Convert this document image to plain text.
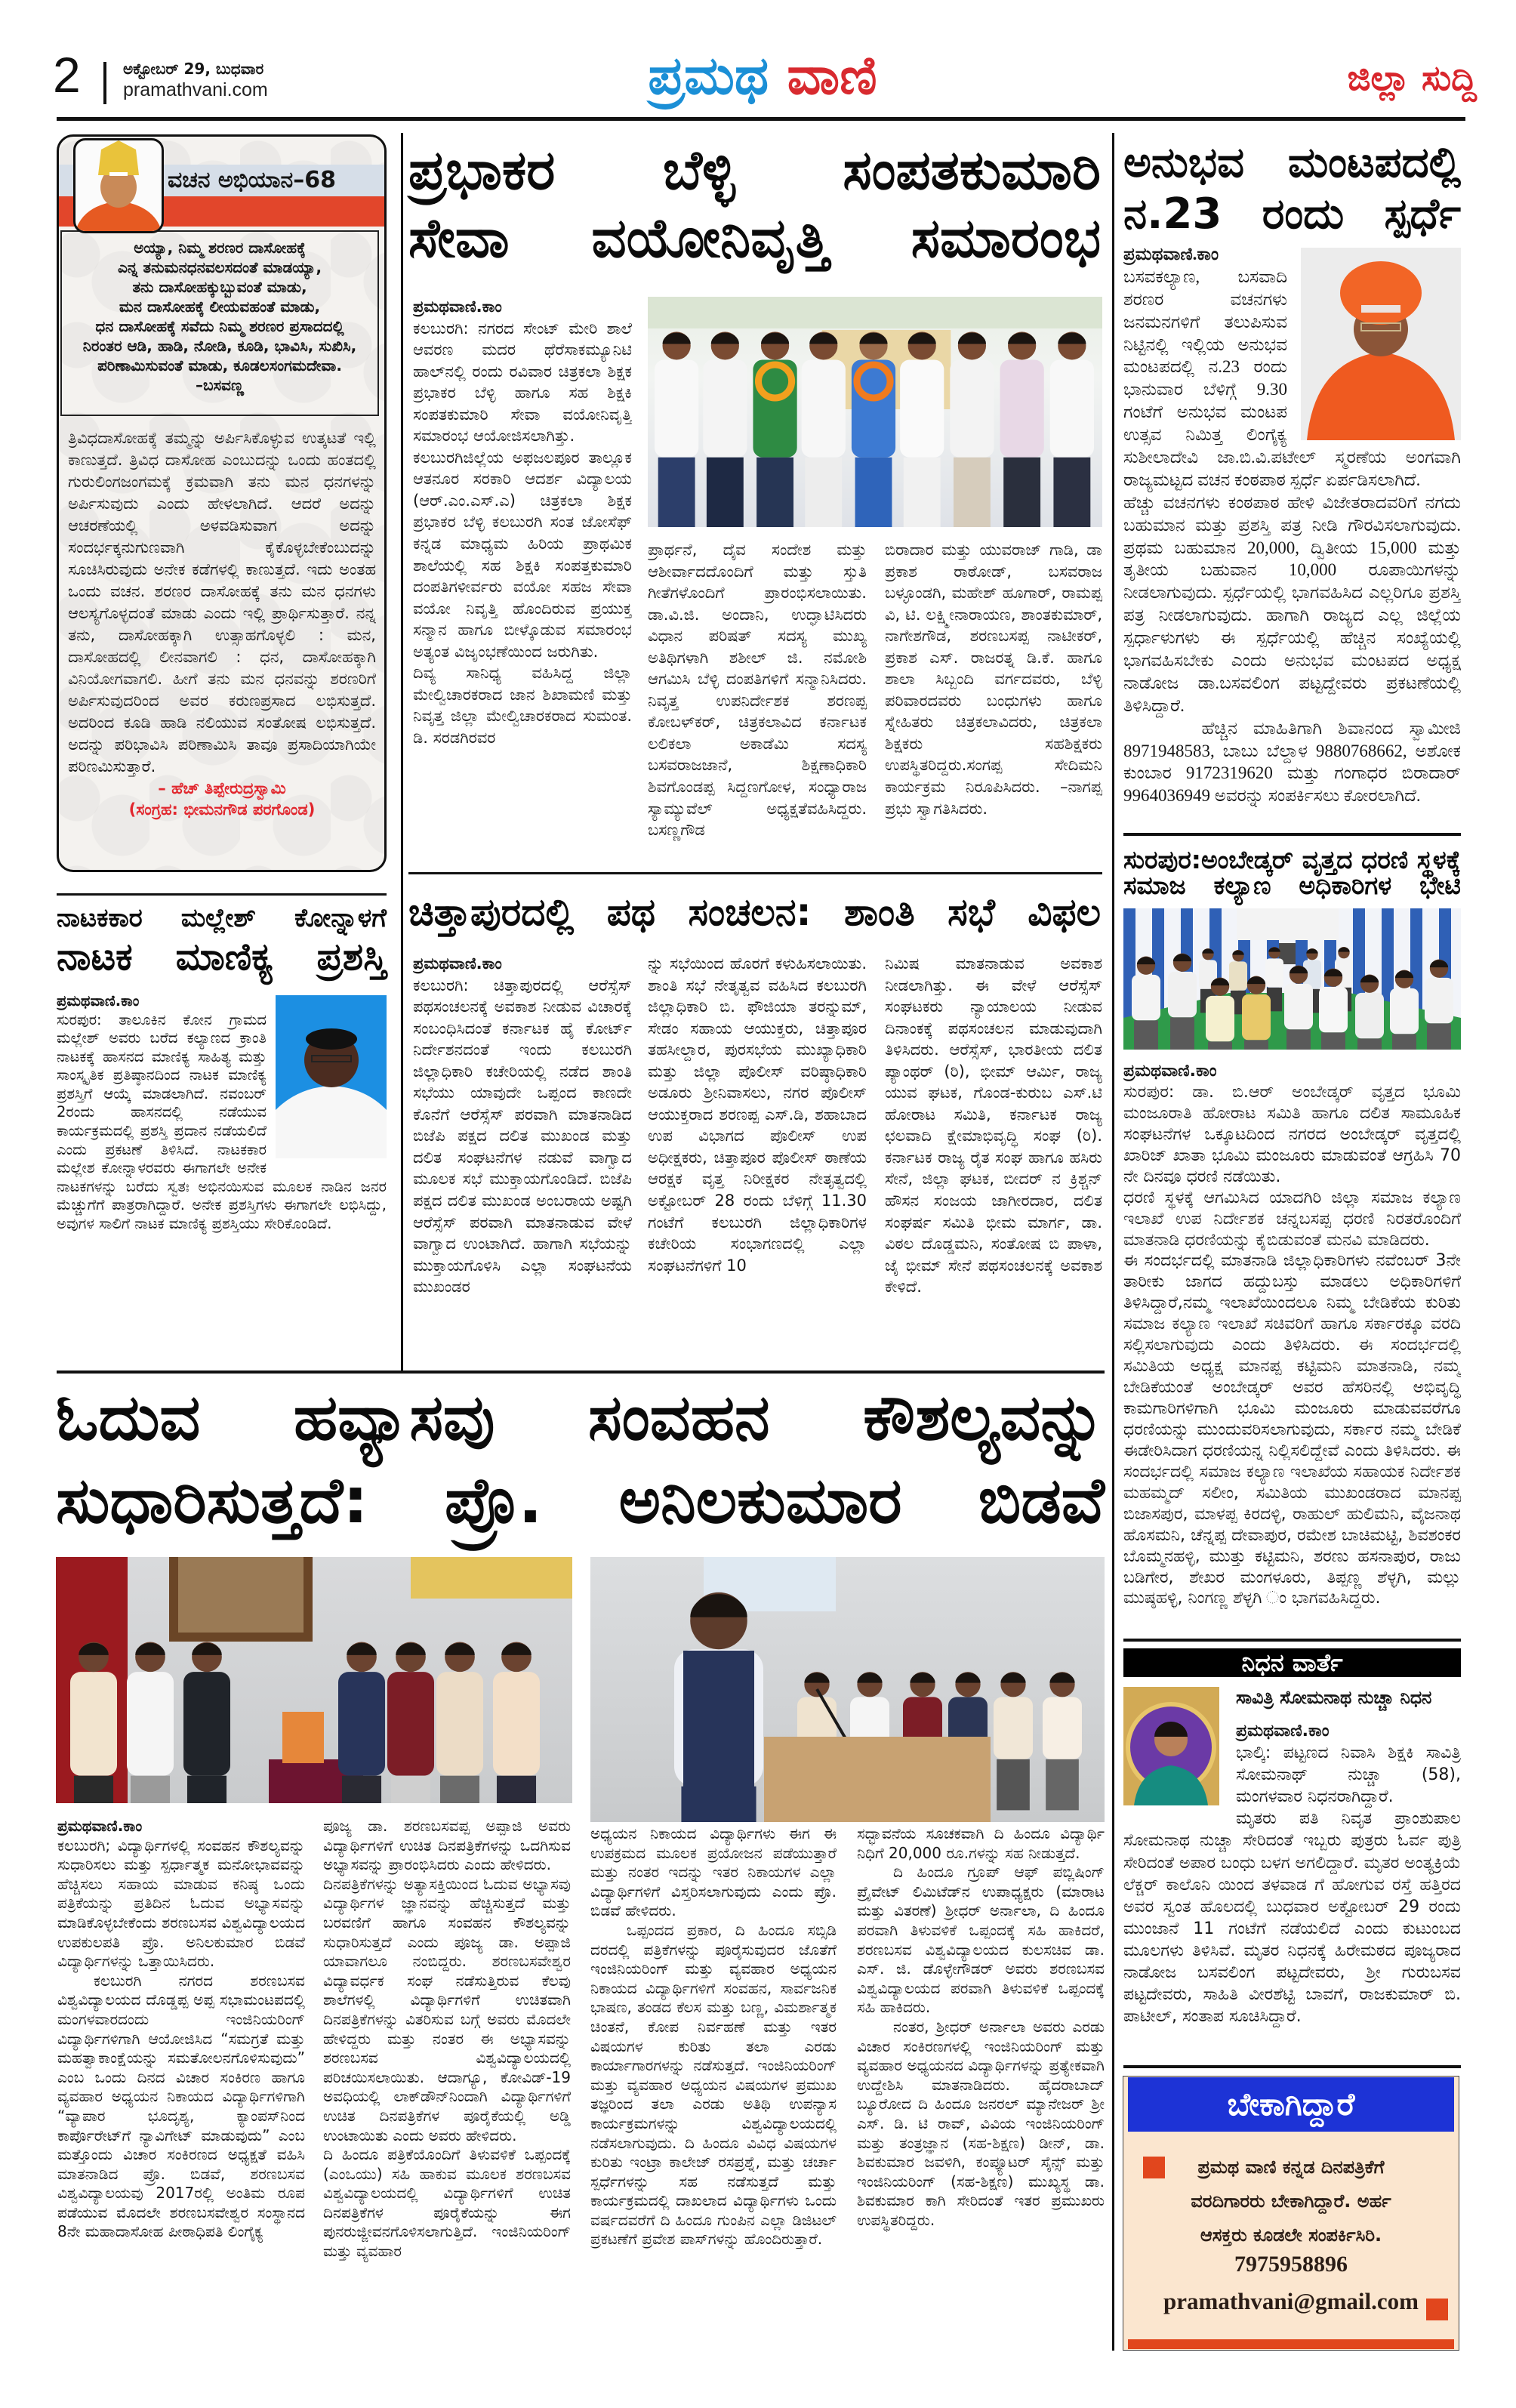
2	ಅಕ್ಟೋಬರ್ 29, ಬುಧವಾರ
pramathvani.com	ಪ್ರಮಥ ವಾಣಿ	ಜಿಲ್ಲಾ ಸುದ್ದಿ
ವಚನ ಅಭಿಯಾನ–68
ಅಯ್ಯಾ, ನಿಮ್ಮ ಶರಣರ ದಾಸೋಹಕ್ಕೆ
ಎನ್ನ ತನುಮನಧನವಲಸದಂತೆ ಮಾಡಯ್ಯಾ,
ತನು ದಾಸೋಹಕ್ಕುಬ್ಬುವಂತೆ ಮಾಡು,
ಮನ ದಾಸೋಹಕ್ಕೆ ಲೀಯವಹಂತೆ ಮಾಡು,
ಧನ ದಾಸೋಹಕ್ಕೆ ಸವೆದು ನಿಮ್ಮ ಶರಣರ ಪ್ರಸಾದದಲ್ಲಿ
ನಿರಂತರ ಆಡಿ, ಹಾಡಿ, ನೋಡಿ, ಕೂಡಿ, ಭಾವಿಸಿ, ಸುಖಿಸಿ,
ಪರಿಣಾಮಿಸುವಂತೆ ಮಾಡು, ಕೂಡಲಸಂಗಮದೇವಾ.
–ಬಸವಣ್ಣ

ತ್ರಿವಿಧದಾಸೋಹಕ್ಕೆ ತಮ್ಮನ್ನು ಅರ್ಪಿಸಿಕೊಳ್ಳುವ ಉತ್ಕಟತೆ ಇಲ್ಲಿ ಕಾಣುತ್ತದೆ. ತ್ರಿವಿಧ ದಾಸೋಹ ಎಂಬುದನ್ನು ಒಂದು ಹಂತದಲ್ಲಿ ಗುರುಲಿಂಗಜಂಗಮಕ್ಕೆ ಕ್ರಮವಾಗಿ ತನು ಮನ ಧನಗಳನ್ನು ಅರ್ಪಿಸುವುದು ಎಂದು ಹೇಳಲಾಗಿದೆ. ಆದರೆ ಅದನ್ನು ಆಚರಣೆಯಲ್ಲಿ ಅಳವಡಿಸುವಾಗ ಅದನ್ನು ಸಂದರ್ಭಕ್ಕನುಗುಣವಾಗಿ ಕೈಕೊಳ್ಳಬೇಕೆಂಬುದನ್ನು ಸೂಚಿಸಿರುವುದು ಅನೇಕ ಕಡೆಗಳಲ್ಲಿ ಕಾಣುತ್ತದೆ. ಇದು ಅಂತಹ ಒಂದು ವಚನ. ಶರಣರ ದಾಸೋಹಕ್ಕೆ ತನು ಮನ ಧನಗಳು ಆಲಸ್ಯಗೊಳ್ಳದಂತೆ ಮಾಡು ಎಂದು ಇಲ್ಲಿ ಪ್ರಾರ್ಥಿಸುತ್ತಾರೆ. ನನ್ನ ತನು, ದಾಸೋಹಕ್ಕಾಗಿ ಉತ್ಸಾಹಗೊಳ್ಳಲಿ : ಮನ, ದಾಸೋಹದಲ್ಲಿ ಲೀನವಾಗಲಿ : ಧನ, ದಾಸೋಹಕ್ಕಾಗಿ ವಿನಿಯೋಗವಾಗಲಿ. ಹೀಗೆ ತನು ಮನ ಧನವನ್ನು ಶರಣರಿಗೆ ಅರ್ಪಿಸುವುದರಿಂದ ಅವರ ಕರುಣಪ್ರಸಾದ ಲಭಿಸುತ್ತದೆ. ಅದರಿಂದ ಕೂಡಿ ಹಾಡಿ ನಲಿಯುವ ಸಂತೋಷ ಲಭಿಸುತ್ತದೆ. ಅದನ್ನು ಪರಿಭಾವಿಸಿ ಪರಿಣಾಮಿಸಿ ತಾವೂ ಪ್ರಸಾದಿಯಾಗಿಯೇ ಪರಿಣಮಿಸುತ್ತಾರೆ.

– ಹೆಚ್ ತಿಪ್ಪೇರುದ್ರಸ್ವಾಮಿ

(ಸಂಗ್ರಹ: ಭೀಮನಗೌಡ ಪರಗೊಂಡ)

ನಾಟಕಕಾರ ಮಲ್ಲೇಶ್ ಕೋನ್ನಾಳಗೆ
ನಾಟಕ ಮಾಣಿಕ್ಯ ಪ್ರಶಸ್ತಿ
ಪ್ರಮಥವಾಣಿ.ಕಾಂ

ಸುರಪುರ: ತಾಲೂಕಿನ ಕೋನ ಗ್ರಾಮದ ಮಲ್ಲೇಶ್ ಅವರು ಬರೆದ ಕಲ್ಯಾಣದ ಕ್ರಾಂತಿ ನಾಟಕಕ್ಕೆ ಹಾಸನದ ಮಾಣಿಕ್ಯ ಸಾಹಿತ್ಯ ಮತ್ತು ಸಾಂಸ್ಕೃತಿಕ ಪ್ರತಿಷ್ಠಾನದಿಂದ ನಾಟಕ ಮಾಣಿಕ್ಯ ಪ್ರಶಸ್ತಿಗೆ ಆಯ್ಕೆ ಮಾಡಲಾಗಿದೆ. ನವಂಬರ್ 2ರಂದು ಹಾಸನದಲ್ಲಿ ನಡೆಯುವ ಕಾರ್ಯಕ್ರಮದಲ್ಲಿ ಪ್ರಶಸ್ತಿ ಪ್ರದಾನ ನಡೆಯಲಿದೆ ಎಂದು ಪ್ರಕಟಣೆ ತಿಳಿಸಿದೆ. ನಾಟಕಕಾರ ಮಲ್ಲೇಶ ಕೋನ್ನಾಳರವರು ಈಗಾಗಲೇ ಅನೇಕ ನಾಟಕಗಳನ್ನು ಬರೆದು ಸ್ವತಃ ಅಭಿನಯಿಸುವ ಮೂಲಕ ನಾಡಿನ ಜನರ ಮೆಚ್ಚುಗೆಗೆ ಪಾತ್ರರಾಗಿದ್ದಾರೆ. ಅನೇಕ ಪ್ರಶಸ್ತಿಗಳು ಈಗಾಗಲೇ ಲಭಿಸಿದ್ದು, ಅವುಗಳ ಸಾಲಿಗೆ ನಾಟಕ ಮಾಣಿಕ್ಯ ಪ್ರಶಸ್ತಿಯು ಸೇರಿಕೊಂಡಿದೆ.

ಪ್ರಭಾಕರ ಬೆಳ್ಳಿ ಸಂಪತಕುಮಾರಿ
ಸೇವಾ ವಯೋನಿವೃತ್ತಿ ಸಮಾರಂಭ
ಪ್ರಮಥವಾಣಿ.ಕಾಂ

ಕಲಬುರಗಿ: ನಗರದ ಸೇಂಟ್ ಮೇರಿ ಶಾಲೆ ಆವರಣ ಮದರ ಥೆರೆಸಾಕಮ್ಯೂನಿಟಿ ಹಾಲ್‌ನಲ್ಲಿ ರಂದು ರವಿವಾರ ಚಿತ್ರಕಲಾ ಶಿಕ್ಷಕ ಪ್ರಭಾಕರ ಬೆಳ್ಳಿ ಹಾಗೂ ಸಹ ಶಿಕ್ಷಕಿ ಸಂಪತಕುಮಾರಿ ಸೇವಾ ವಯೋನಿವೃತ್ತಿ ಸಮಾರಂಭ ಆಯೋಜಿಸಲಾಗಿತ್ತು.

ಕಲಬುರಗಿಜಿಲ್ಲೆಯ ಅಫಜಲಪೂರ ತಾಲ್ಲೂಕ ಆತನೂರ ಸರಕಾರಿ ಆದರ್ಶ ವಿದ್ಯಾಲಯ (ಆರ್.ಎಂ.ಎಸ್.ಎ) ಚಿತ್ರಕಲಾ ಶಿಕ್ಷಕ ಪ್ರಭಾಕರ ಬೆಳ್ಳಿ ಕಲಬುರಗಿ ಸಂತ ಜೋಸೆಫ್ ಕನ್ನಡ ಮಾಧ್ಯಮ ಹಿರಿಯ ಪ್ರಾಥಮಿಕ ಶಾಲೆಯಲ್ಲಿ ಸಹ ಶಿಕ್ಷಕಿ ಸಂಪತ್ತಕುಮಾರಿ ದಂಪತಿಗಳೀರ್ವರು ವಯೋ ಸಹಜ ಸೇವಾ ವಯೋ ನಿವೃತ್ತಿ ಹೊಂದಿರುವ ಪ್ರಯುಕ್ತ ಸನ್ಮಾನ ಹಾಗೂ ಬೀಳ್ಕೊಡುವ ಸಮಾರಂಭ ಅತ್ಯಂತ ವಿಜೃಂಭಣೆಯಿಂದ ಜರುಗಿತು.

ದಿವ್ಯ ಸಾನಿಧ್ಯ ವಹಿಸಿದ್ದ ಜಿಲ್ಲಾ ಮೇಲ್ವಿಚಾರಕರಾದ ಜಾನ ಶಿಖಾಮಣಿ ಮತ್ತು ನಿವೃತ್ತ ಜಿಲ್ಲಾ ಮೇಲ್ವಿಚಾರಕರಾದ ಸುಮಂತ. ಡಿ. ಸರಡಗಿರವರ

ಪ್ರಾರ್ಥನೆ, ದೈವ ಸಂದೇಶ ಮತ್ತು ಆಶೀರ್ವಾದದೊಂದಿಗೆ ಮತ್ತು ಸ್ತುತಿ ಗೀತೆಗಳೊಂದಿಗೆ ಪ್ರಾರಂಭಿಸಲಾಯಿತು. ಡಾ.ವಿ.ಜಿ. ಅಂದಾನಿ, ಉದ್ಘಾಟಿಸಿದರು ವಿಧಾನ ಪರಿಷತ್ ಸದಸ್ಯ ಮುಖ್ಯ ಅತಿಥಿಗಳಾಗಿ ಶಶೀಲ್ ಜಿ. ನಮೋಶಿ ಆಗಮಿಸಿ ಬೆಳ್ಳಿ ದಂಪತಿಗಳಿಗೆ ಸನ್ಮಾನಿಸಿದರು. ನಿವೃತ್ತ ಉಪನಿರ್ದೇಶಕ ಶರಣಪ್ಪ ಕೋಬಳ್‌ಕರ್, ಚಿತ್ರಕಲಾವಿದ ಕರ್ನಾಟಕ ಲಲಿಕಲಾ ಅಕಾಡೆಮಿ ಸದಸ್ಯ ಬಸವರಾಜಜಾನೆ, ಶಿಕ್ಷಣಾಧಿಕಾರಿ ಶಿವಗೊಂಡಪ್ಪ ಸಿದ್ದಣಗೋಳ, ಸಂಧ್ಯಾರಾಜ ಸ್ಯಾಮ್ಯುವೆಲ್ ಅಧ್ಯಕ್ಷತೆವಹಿಸಿದ್ದರು. ಬಸಣ್ಣಗೌಡ

ಬಿರಾದಾರ ಮತ್ತು ಯುವರಾಜ್ ಗಾಡಿ, ಡಾ ಪ್ರಕಾಶ ರಾಠೋಡ್, ಬಸವರಾಜ ಬಳ್ಳೂಂಡಗಿ, ಮಹೇಶ್ ಹೂಗಾರ್, ರಾಮಪ್ಪ ವಿ, ಟಿ. ಲಕ್ಷ್ಮೀನಾರಾಯಣ, ಶಾಂತಕುಮಾರ್, ನಾಗೇಶಗೌಡ, ಶರಣಬಸಪ್ಪ ನಾಟೀಕರ್, ಪ್ರಕಾಶ ಎಸ್. ರಾಜರತ್ನ ಡಿ.ಕೆ. ಹಾಗೂ ಶಾಲಾ ಸಿಬ್ಬಂದಿ ವರ್ಗದವರು, ಬೆಳ್ಳಿ ಪರಿವಾರದವರು ಬಂಧುಗಳು ಹಾಗೂ ಸ್ನೇಹಿತರು ಚಿತ್ರಕಲಾವಿದರು, ಚಿತ್ರಕಲಾ ಶಿಕ್ಷಕರು ಸಹಶಿಕ್ಷಕರು ಉಪಸ್ಥಿತರಿದ್ದರು.ಸಂಗಪ್ಪ ಸೇದಿಮನಿ ಕಾರ್ಯಕ್ರಮ ನಿರೂಪಿಸಿದರು. –ನಾಗಪ್ಪ ಪ್ರಭು ಸ್ವಾಗತಿಸಿದರು.

ಚಿತ್ತಾಪುರದಲ್ಲಿ ಪಥ ಸಂಚಲನ: ಶಾಂತಿ ಸಭೆ ವಿಫಲ
ಪ್ರಮಥವಾಣಿ.ಕಾಂ

ಕಲಬುರಗಿ: ಚಿತ್ತಾಪುರದಲ್ಲಿ ಆರೆಸ್ಸೆಸ್ ಪಥಸಂಚಲನಕ್ಕೆ ಅವಕಾಶ ನೀಡುವ ವಿಚಾರಕ್ಕೆ ಸಂಬಂಧಿಸಿದಂತೆ ಕರ್ನಾಟಕ ಹೈ ಕೋರ್ಟ್ ನಿರ್ದೇಶನದಂತೆ ಇಂದು ಕಲಬುರಗಿ ಜಿಲ್ಲಾಧಿಕಾರಿ ಕಚೇರಿಯಲ್ಲಿ ನಡೆದ ಶಾಂತಿ ಸಭೆಯು ಯಾವುದೇ ಒಪ್ಪಂದ ಕಾಣದೇ ಕೊನೆಗೆ ಆರೆಸ್ಸೆಸ್ ಪರವಾಗಿ ಮಾತನಾಡಿದ ಬಿಜೆಪಿ ಪಕ್ಷದ ದಲಿತ ಮುಖಂಡ ಮತ್ತು ದಲಿತ ಸಂಘಟನೆಗಳ ನಡುವೆ ವಾಗ್ವಾದ ಮೂಲಕ ಸಭೆ ಮುಕ್ತಾಯಗೊಂಡಿದೆ. ಬಿಜೆಪಿ ಪಕ್ಷದ ದಲಿತ ಮುಖಂಡ ಅಂಬರಾಯ ಅಷ್ಟಗಿ ಆರೆಸ್ಸೆಸ್ ಪರವಾಗಿ ಮಾತನಾಡುವ ವೇಳೆ ವಾಗ್ವಾದ ಉಂಟಾಗಿದೆ. ಹಾಗಾಗಿ ಸಭೆಯನ್ನು ಮುಕ್ತಾಯಗೊಳಿಸಿ ಎಲ್ಲಾ ಸಂಘಟನೆಯ ಮುಖಂಡರ

ನ್ನು ಸಭೆಯಿಂದ ಹೊರಗೆ ಕಳುಹಿಸಲಾಯಿತು. ಶಾಂತಿ ಸಭೆ ನೇತೃತ್ವವ ವಹಿಸಿದ ಕಲಬುರಗಿ ಜಿಲ್ಲಾಧಿಕಾರಿ ಬಿ. ಫೌಜಿಯಾ ತರನ್ನುಮ್, ಸೇಡಂ ಸಹಾಯ ಆಯುಕ್ತರು, ಚಿತ್ತಾಪೂರ ತಹಸೀಲ್ದಾರ, ಪುರಸಭೆಯ ಮುಖ್ಯಾಧಿಕಾರಿ ಮತ್ತು ಜಿಲ್ಲಾ ಪೊಲೀಸ್ ವರಿಷ್ಠಾಧಿಕಾರಿ ಅಡೂರು ಶ್ರೀನಿವಾಸಲು, ನಗರ ಪೊಲೀಸ್ ಆಯುಕ್ತರಾದ ಶರಣಪ್ಪ ಎಸ್.ಡಿ, ಶಹಾಬಾದ ಉಪ ವಿಭಾಗದ ಪೊಲೀಸ್ ಉಪ ಅಧೀಕ್ಷಕರು, ಚಿತ್ತಾಪೂರ ಪೊಲೀಸ್ ಠಾಣೆಯ ಆರಕ್ಷಕ ವೃತ್ತ ನಿರೀಕ್ಷಕರ ನೇತೃತ್ವದಲ್ಲಿ ಅಕ್ಟೋಬರ್ 28 ರಂದು ಬೆಳಿಗ್ಗೆ 11.30 ಗಂಟೆಗೆ ಕಲಬುರಗಿ ಜಿಲ್ಲಾಧಿಕಾರಿಗಳ ಕಚೇರಿಯ ಸಂಭಾಗಣದಲ್ಲಿ ಎಲ್ಲಾ ಸಂಘಟನೆಗಳಿಗೆ 10

ನಿಮಿಷ ಮಾತನಾಡುವ ಅವಕಾಶ ನೀಡಲಾಗಿತ್ತು. ಈ ವೇಳೆ ಆರೆಸ್ಸೆಸ್ ಸಂಘಟಕರು ನ್ಯಾಯಾಲಯ ನೀಡುವ ದಿನಾಂಕಕ್ಕೆ ಪಥಸಂಚಲನ ಮಾಡುವುದಾಗಿ ತಿಳಿಸಿದರು. ಆರೆಸ್ಸೆಸ್, ಭಾರತೀಯ ದಲಿತ ಪ್ಯಾಂಥರ್ (ರಿ), ಭೀಮ್ ಆರ್ಮಿ, ರಾಜ್ಯ ಯುವ ಘಟಕ, ಗೊಂಡ-ಕುರುಬ ಎಸ್.ಟಿ ಹೋರಾಟ ಸಮಿತಿ, ಕರ್ನಾಟಕ ರಾಜ್ಯ ಛಲವಾದಿ ಕ್ಷೇಮಾಭಿವೃದ್ಧಿ ಸಂಘ (ರಿ). ಕರ್ನಾಟಕ ರಾಜ್ಯ ರೈತ ಸಂಘ ಹಾಗೂ ಹಸಿರು ಸೇನೆ, ಜಿಲ್ಲಾ ಘಟಕ, ಬೀದರ್ ನ ಕ್ರಿಶ್ಚನ್ ಹೌಸನ ಸಂಜಯ ಜಾಗೀರದಾರ, ದಲಿತ ಸಂಘರ್ಷ ಸಮಿತಿ ಭೀಮ ಮಾರ್ಗ, ಡಾ. ವಿಠಲ ದೊಡ್ಡಮನಿ, ಸಂತೋಷ ಬಿ ಪಾಳಾ, ಜೈ ಭೀಮ್ ಸೇನೆ ಪಥಸಂಚಲನಕ್ಕೆ ಅವಕಾಶ ಕೇಳಿದೆ.

ಓದುವ ಹವ್ಯಾಸವು ಸಂವಹನ ಕೌಶಲ್ಯವನ್ನು
ಸುಧಾರಿಸುತ್ತದೆ: ಪ್ರೊ. ಅನಿಲಕುಮಾರ ಬಿಡವೆ
ಪ್ರಮಥವಾಣಿ.ಕಾಂ

ಕಲಬುರಗಿ; ವಿದ್ಯಾರ್ಥಿಗಳಲ್ಲಿ ಸಂವಹನ ಕೌಶಲ್ಯವನ್ನು ಸುಧಾರಿಸಲು ಮತ್ತು ಸ್ಪರ್ಧಾತ್ಮಕ ಮನೋಭಾವವನ್ನು ಹೆಚ್ಚಿಸಲು ಸಹಾಯ ಮಾಡುವ ಕನಿಷ್ಠ ಒಂದು ಪತ್ರಿಕೆಯನ್ನು ಪ್ರತಿದಿನ ಓದುವ ಅಭ್ಯಾಸವನ್ನು ಮಾಡಿಕೊಳ್ಳಬೇಕೆಂದು ಶರಣಬಸವ ವಿಶ್ವವಿದ್ಯಾಲಯದ ಉಪಕುಲಪತಿ ಪ್ರೊ. ಅನಿಲಕುಮಾರ ಬಿಡವೆ ವಿದ್ಯಾರ್ಥಿಗಳನ್ನು ಒತ್ತಾಯಿಸಿದರು.

ಕಲಬುರಗಿ ನಗರದ ಶರಣಬಸವ ವಿಶ್ವವಿದ್ಯಾಲಯದ ದೊಡ್ಡಪ್ಪ ಅಪ್ಪ ಸಭಾಮಂಟಪದಲ್ಲಿ ಮಂಗಳವಾರದಂದು ಇಂಜಿನಿಯರಿಂಗ್ ವಿದ್ಯಾರ್ಥಿಗಳಿಗಾಗಿ ಆಯೋಜಿಸಿದ “ಸಮಗ್ರತೆ ಮತ್ತು ಮಹತ್ವಾಕಾಂಕ್ಷೆಯನ್ನು ಸಮತೋಲನಗೊಳಿಸುವುದು” ಎಂಬ ಒಂದು ದಿನದ ವಿಚಾರ ಸಂಕಿರಣ ಹಾಗೂ ವ್ಯವಹಾರ ಅಧ್ಯಯನ ನಿಕಾಯದ ವಿದ್ಯಾರ್ಥಿಗಳಿಗಾಗಿ “ವ್ಯಾಪಾರ ಭೂದೃಶ್ಯ, ಕ್ಯಾಂಪಸ್‌ನಿಂದ ಕಾರ್ಪೊರೇಟ್‌ಗೆ ನ್ಯಾವಿಗೇಟ್ ಮಾಡುವುದು” ಎಂಬ ಮತ್ತೊಂದು ವಿಚಾರ ಸಂಕಿರಣದ ಅಧ್ಯಕ್ಷತೆ ವಹಿಸಿ ಮಾತನಾಡಿದ ಪ್ರೊ. ಬಿಡವೆ, ಶರಣಬಸವ ವಿಶ್ವವಿದ್ಯಾಲಯವು 2017ರಲ್ಲಿ ಅಂತಿಮ ರೂಪ ಪಡೆಯುವ ಮೊದಲೇ ಶರಣಬಸವೇಶ್ವರ ಸಂಸ್ಥಾನದ 8ನೇ ಮಹಾದಾಸೋಹ ಪೀಠಾಧಿಪತಿ ಲಿಂಗೈಕ್ಯ

ಪೂಜ್ಯ ಡಾ. ಶರಣಬಸವಪ್ಪ ಅಪ್ಪಾಜಿ ಅವರು ವಿದ್ಯಾರ್ಥಿಗಳಿಗೆ ಉಚಿತ ದಿನಪತ್ರಿಕೆಗಳನ್ನು ಒದಗಿಸುವ ಅಭ್ಯಾಸವನ್ನು ಪ್ರಾರಂಭಿಸಿದರು ಎಂದು ಹೇಳಿದರು.

ದಿನಪತ್ರಿಕೆಗಳನ್ನು ಅತ್ಯಾಸಕ್ತಿಯಿಂದ ಓದುವ ಅಭ್ಯಾಸವು ವಿದ್ಯಾರ್ಥಿಗಳ ಜ್ಞಾನವನ್ನು ಹೆಚ್ಚಿಸುತ್ತದೆ ಮತ್ತು ಬರವಣಿಗೆ ಹಾಗೂ ಸಂವಹನ ಕೌಶಲ್ಯವನ್ನು ಸುಧಾರಿಸುತ್ತದೆ ಎಂದು ಪೂಜ್ಯ ಡಾ. ಅಪ್ಪಾಜಿ ಯಾವಾಗಲೂ ನಂಬಿದ್ದರು. ಶರಣಬಸವೇಶ್ವರ ವಿದ್ಯಾವರ್ಧಕ ಸಂಘ ನಡೆಸುತ್ತಿರುವ ಕೆಲವು ಶಾಲೆಗಳಲ್ಲಿ ವಿದ್ಯಾರ್ಥಿಗಳಿಗೆ ಉಚಿತವಾಗಿ ದಿನಪತ್ರಿಕೆಗಳನ್ನು ವಿತರಿಸುವ ಬಗ್ಗೆ ಅವರು ಮೊದಲೇ ಹೇಳಿದ್ದರು ಮತ್ತು ನಂತರ ಈ ಅಭ್ಯಾಸವನ್ನು ಶರಣಬಸವ ವಿಶ್ವವಿದ್ಯಾಲಯದಲ್ಲಿ ಪರಿಚಯಿಸಲಾಯಿತು. ಆದಾಗ್ಯೂ, ಕೋವಿಡ್-19 ಅವಧಿಯಲ್ಲಿ ಲಾಕ್‌ಡೌನ್‌ನಿಂದಾಗಿ ವಿದ್ಯಾರ್ಥಿಗಳಿಗೆ ಉಚಿತ ದಿನಪತ್ರಿಕೆಗಳ ಪೂರೈಕೆಯಲ್ಲಿ ಅಡ್ಡಿ ಉಂಟಾಯಿತು ಎಂದು ಅವರು ಹೇಳಿದರು.

ದಿ ಹಿಂದೂ ಪತ್ರಿಕೆಯೊಂದಿಗೆ ತಿಳುವಳಿಕೆ ಒಪ್ಪಂದಕ್ಕೆ (ಎಂಒಯು) ಸಹಿ ಹಾಕುವ ಮೂಲಕ ಶರಣಬಸವ ವಿಶ್ವವಿದ್ಯಾಲಯದಲ್ಲಿ ವಿದ್ಯಾರ್ಥಿಗಳಿಗೆ ಉಚಿತ ದಿನಪತ್ರಿಕೆಗಳ ಪೂರೈಕೆಯನ್ನು ಈಗ ಪುನರುಜ್ಜೀವನಗೊಳಿಸಲಾಗುತ್ತಿದೆ. ಇಂಜಿನಿಯರಿಂಗ್ ಮತ್ತು ವ್ಯವಹಾರ

ಅಧ್ಯಯನ ನಿಕಾಯದ ವಿದ್ಯಾರ್ಥಿಗಳು ಈಗ ಈ ಉಪಕ್ರಮದ ಮೂಲಕ ಪ್ರಯೋಜನ ಪಡೆಯುತ್ತಾರೆ ಮತ್ತು ನಂತರ ಇದನ್ನು ಇತರ ನಿಕಾಯಗಳ ಎಲ್ಲಾ ವಿದ್ಯಾರ್ಥಿಗಳಿಗೆ ವಿಸ್ತರಿಸಲಾಗುವುದು ಎಂದು ಪ್ರೊ. ಬಿಡವೆ ಹೇಳಿದರು.

ಒಪ್ಪಂದದ ಪ್ರಕಾರ, ದಿ ಹಿಂದೂ ಸಬ್ಸಿಡಿ ದರದಲ್ಲಿ ಪತ್ರಿಕೆಗಳನ್ನು ಪೂರೈಸುವುದರ ಜೊತೆಗೆ ಇಂಜಿನಿಯರಿಂಗ್ ಮತ್ತು ವ್ಯವಹಾರ ಅಧ್ಯಯನ ನಿಕಾಯದ ವಿದ್ಯಾರ್ಥಿಗಳಿಗೆ ಸಂವಹನ, ಸಾರ್ವಜನಿಕ ಭಾಷಣ, ತಂಡದ ಕೆಲಸ ಮತ್ತು ಬಣ್ಣ, ವಿಮರ್ಶಾತ್ಮಕ ಚಿಂತನೆ, ಕೋಪ ನಿರ್ವಹಣೆ ಮತ್ತು ಇತರ ವಿಷಯಗಳ ಕುರಿತು ತಲಾ ಎರಡು ಕಾರ್ಯಾಗಾರಗಳನ್ನು ನಡೆಸುತ್ತದೆ. ಇಂಜಿನಿಯರಿಂಗ್ ಮತ್ತು ವ್ಯವಹಾರ ಅಧ್ಯಯನ ವಿಷಯಗಳ ಪ್ರಮುಖ ತಜ್ಞರಿಂದ ತಲಾ ಎರಡು ಅತಿಥಿ ಉಪನ್ಯಾಸ ಕಾರ್ಯಕ್ರಮಗಳನ್ನು ವಿಶ್ವವಿದ್ಯಾಲಯದಲ್ಲಿ ನಡೆಸಲಾಗುವುದು. ದಿ ಹಿಂದೂ ವಿವಿಧ ವಿಷಯಗಳ ಕುರಿತು ಇಂಟ್ರಾ ಕಾಲೇಜ್ ರಸಪ್ರಶ್ನೆ, ಮತ್ತು ಚರ್ಚಾ ಸ್ಪರ್ಧೆಗಳನ್ನು ಸಹ ನಡೆಸುತ್ತದೆ ಮತ್ತು ಕಾರ್ಯಕ್ರಮದಲ್ಲಿ ದಾಖಲಾದ ವಿದ್ಯಾರ್ಥಿಗಳು ಒಂದು ವರ್ಷದವರೆಗೆ ದಿ ಹಿಂದೂ ಗುಂಪಿನ ಎಲ್ಲಾ ಡಿಜಿಟಲ್ ಪ್ರಕಟಣೆಗೆ ಪ್ರವೇಶ ಪಾಸ್‌ಗಳನ್ನು ಹೊಂದಿರುತ್ತಾರೆ.

ಸದ್ಭಾವನೆಯ ಸೂಚಕವಾಗಿ ದಿ ಹಿಂದೂ ವಿದ್ಯಾರ್ಥಿ ನಿಧಿಗೆ 20,000 ರೂ.ಗಳನ್ನು ಸಹ ನೀಡುತ್ತದೆ.

ದಿ ಹಿಂದೂ ಗ್ರೂಪ್ ಆಫ್ ಪಬ್ಲಿಷಿಂಗ್ ಪ್ರೈವೇಟ್ ಲಿಮಿಟೆಡ್‌ನ ಉಪಾಧ್ಯಕ್ಷರು (ಮಾರಾಟ ಮತ್ತು ವಿತರಣೆ) ಶ್ರೀಧರ್ ಅರ್ನಾಲಾ, ದಿ ಹಿಂದೂ ಪರವಾಗಿ ತಿಳುವಳಿಕೆ ಒಪ್ಪಂದಕ್ಕೆ ಸಹಿ ಹಾಕಿದರೆ, ಶರಣಬಸವ ವಿಶ್ವವಿದ್ಯಾಲಯದ ಕುಲಸಚಿವ ಡಾ. ಎಸ್. ಜಿ. ಡೊಳ್ಳೇಗೌಡರ್ ಅವರು ಶರಣಬಸವ ವಿಶ್ವವಿದ್ಯಾಲಯದ ಪರವಾಗಿ ತಿಳುವಳಿಕೆ ಒಪ್ಪಂದಕ್ಕೆ ಸಹಿ ಹಾಕಿದರು.

ನಂತರ, ಶ್ರೀಧರ್ ಅರ್ನಾಲಾ ಅವರು ಎರಡು ವಿಚಾರ ಸಂಕಿರಣಗಳಲ್ಲಿ ಇಂಜಿನಿಯರಿಂಗ್ ಮತ್ತು ವ್ಯವಹಾರ ಅಧ್ಯಯನದ ವಿದ್ಯಾರ್ಥಿಗಳನ್ನು ಪ್ರತ್ಯೇಕವಾಗಿ ಉದ್ದೇಶಿಸಿ ಮಾತನಾಡಿದರು. ಹೈದರಾಬಾದ್ ಬ್ಯೂರೋದ ದಿ ಹಿಂದೂ ಜನರಲ್ ಮ್ಯಾನೇಜರ್ ಶ್ರೀ ಎಸ್. ಡಿ. ಟಿ ರಾವ್, ವಿವಿಯ ಇಂಜಿನಿಯರಿಂಗ್ ಮತ್ತು ತಂತ್ರಜ್ಞಾನ (ಸಹ-ಶಿಕ್ಷಣ) ಡೀನ್, ಡಾ. ಶಿವಕುಮಾರ ಜವಳಿಗಿ, ಕಂಪ್ಯೂಟರ್ ಸೈನ್ಸ್ ಮತ್ತು ಇಂಜಿನಿಯರಿಂಗ್ (ಸಹ-ಶಿಕ್ಷಣ) ಮುಖ್ಯಸ್ಥ ಡಾ. ಶಿವಕುಮಾರ ಕಾಗಿ ಸೇರಿದಂತೆ ಇತರ ಪ್ರಮುಖರು ಉಪಸ್ಥಿತರಿದ್ದರು.

ಅನುಭವ ಮಂಟಪದಲ್ಲಿ
ನ.23 ರಂದು ಸ್ಪರ್ಧೆ
ಪ್ರಮಥವಾಣಿ.ಕಾಂ

ಬಸವಕಲ್ಯಾಣ, ಬಸವಾದಿ ಶರಣರ ವಚನಗಳು ಜನಮನಗಳಿಗೆ ತಲುಪಿಸುವ ನಿಟ್ಟಿನಲ್ಲಿ ಇಲ್ಲಿಯ ಅನುಭವ ಮಂಟಪದಲ್ಲಿ ನ.23 ರಂದು ಭಾನುವಾರ ಬೆಳಿಗ್ಗೆ 9.30 ಗಂಟೆಗೆ ಅನುಭವ ಮಂಟಪ ಉತ್ಸವ ನಿಮಿತ್ತ ಲಿಂಗೈಕ್ಯ ಸುಶೀಲಾದೇವಿ ಜಾ.ಬಿ.ವಿ.ಪಟೇಲ್ ಸ್ಮರಣೆಯ ಅಂಗವಾಗಿ ರಾಜ್ಯಮಟ್ಟದ ವಚನ ಕಂಠಪಾಠ ಸ್ಪರ್ಧೆ ಏರ್ಪಡಿಸಲಾಗಿದೆ.

ಹೆಚ್ಚು ವಚನಗಳು ಕಂಠಪಾಠ ಹೇಳಿ ವಿಜೇತರಾದವರಿಗೆ ನಗದು ಬಹುಮಾನ ಮತ್ತು ಪ್ರಶಸ್ತಿ ಪತ್ರ ನೀಡಿ ಗೌರವಿಸಲಾಗುವುದು. ಪ್ರಥಮ ಬಹುಮಾನ 20,000, ದ್ವಿತೀಯ 15,000 ಮತ್ತು ತೃತೀಯ ಬಹುವಾನ 10,000 ರೂಪಾಯಿಗಳನ್ನು ನೀಡಲಾಗುವುದು. ಸ್ಪರ್ಧೆಯಲ್ಲಿ ಭಾಗವಹಿಸಿದ ಎಲ್ಲರಿಗೂ ಪ್ರಶಸ್ತಿ ಪತ್ರ ನೀಡಲಾಗುವುದು. ಹಾಗಾಗಿ ರಾಜ್ಯದ ಎಲ್ಲ ಜಿಲ್ಲೆಯ ಸ್ಪರ್ಧಾಳುಗಳು ಈ ಸ್ಪರ್ಧೆಯಲ್ಲಿ ಹೆಚ್ಚಿನ ಸಂಖ್ಯೆಯಲ್ಲಿ ಭಾಗವಹಿಸಬೇಕು ಎಂದು ಅನುಭವ ಮಂಟಪದ ಅಧ್ಯಕ್ಷ ನಾಡೋಜ ಡಾ.ಬಸವಲಿಂಗ ಪಟ್ಟದ್ದೇವರು ಪ್ರಕಟಣೆಯಲ್ಲಿ ತಿಳಿಸಿದ್ದಾರೆ.

ಹೆಚ್ಚಿನ ಮಾಹಿತಿಗಾಗಿ ಶಿವಾನಂದ ಸ್ವಾಮೀಜಿ 8971948583, ಬಾಬು ಬೆಲ್ದಾಳ 9880768662, ಅಶೋಕ ಕುಂಬಾರ 9172319620 ಮತ್ತು ಗಂಗಾಧರ ಬಿರಾದಾರ್ 9964036949 ಅವರನ್ನು ಸಂಪರ್ಕಿಸಲು ಕೋರಲಾಗಿದೆ.

ಸುರಪುರ:ಅಂಬೇಡ್ಕರ್ ವೃತ್ತದ ಧರಣಿ ಸ್ಥಳಕ್ಕೆ
ಸಮಾಜ ಕಲ್ಯಾಣ ಅಧಿಕಾರಿಗಳ ಭೇಟಿ
ಪ್ರಮಥವಾಣಿ.ಕಾಂ

ಸುರಪುರ: ಡಾ. ಬಿ.ಆರ್ ಅಂಬೇಡ್ಕರ್ ವೃತ್ತದ ಭೂಮಿ ಮಂಜೂರಾತಿ ಹೋರಾಟ ಸಮಿತಿ ಹಾಗೂ ದಲಿತ ಸಾಮೂಹಿಕ ಸಂಘಟನೆಗಳ ಒಕ್ಕೂಟದಿಂದ ನಗರದ ಅಂಬೇಡ್ಕರ್ ವೃತ್ತದಲ್ಲಿ ಖಾರಿಜ್ ಖಾತಾ ಭೂಮಿ ಮಂಜೂರು ಮಾಡುವಂತೆ ಆಗ್ರಹಿಸಿ 70 ನೇ ದಿನವೂ ಧರಣಿ ನಡೆಯಿತು.

ಧರಣಿ ಸ್ಥಳಕ್ಕೆ ಆಗಮಿಸಿದ ಯಾದಗಿರಿ ಜಿಲ್ಲಾ ಸಮಾಜ ಕಲ್ಯಾಣ ಇಲಾಖೆ ಉಪ ನಿರ್ದೇಶಕ ಚನ್ನಬಸಪ್ಪ ಧರಣಿ ನಿರತರೊಂದಿಗೆ ಮಾತನಾಡಿ ಧರಣಿಯನ್ನು ಕೈಬಿಡುವಂತೆ ಮನವಿ ಮಾಡಿದರು.

ಈ ಸಂದರ್ಭದಲ್ಲಿ ಮಾತನಾಡಿ ಜಿಲ್ಲಾಧಿಕಾರಿಗಳು ನವೆಂಬರ್ 3ನೇ ತಾರೀಕು ಜಾಗದ ಹದ್ದುಬಸ್ತು ಮಾಡಲು ಅಧಿಕಾರಿಗಳಿಗೆ ತಿಳಿಸಿದ್ದಾರೆ,ನಮ್ಮ ಇಲಾಖೆಯಿಂದಲೂ ನಿಮ್ಮ ಬೇಡಿಕೆಯ ಕುರಿತು ಸಮಾಜ ಕಲ್ಯಾಣ ಇಲಾಖೆ ಸಚಿವರಿಗೆ ಹಾಗೂ ಸರ್ಕಾರಕ್ಕೂ ವರದಿ ಸಲ್ಲಿಸಲಾಗುವುದು ಎಂದು ತಿಳಿಸಿದರು. ಈ ಸಂದರ್ಭದಲ್ಲಿ ಸಮಿತಿಯ ಅಧ್ಯಕ್ಷ ಮಾನಪ್ಪ ಕಟ್ಟಿಮನಿ ಮಾತನಾಡಿ, ನಮ್ಮ ಬೇಡಿಕೆಯಂತೆ ಅಂಬೇಡ್ಕರ್ ಅವರ ಹೆಸರಿನಲ್ಲಿ ಅಭಿವೃದ್ಧಿ ಕಾಮಗಾರಿಗಳಿಗಾಗಿ ಭೂಮಿ ಮಂಜೂರು ಮಾಡುವವರೆಗೂ ಧರಣಿಯನ್ನು ಮುಂದುವರಿಸಲಾಗುವುದು, ಸರ್ಕಾರ ನಮ್ಮ ಬೇಡಿಕೆ ಈಡೇರಿಸಿದಾಗ ಧರಣಿಯನ್ನ ನಿಲ್ಲಿಸಲಿದ್ದೇವೆ ಎಂದು ತಿಳಿಸಿದರು. ಈ ಸಂದರ್ಭದಲ್ಲಿ ಸಮಾಜ ಕಲ್ಯಾಣ ಇಲಾಖೆಯ ಸಹಾಯಕ ನಿರ್ದೇಶಕ ಮಹಮ್ಮದ್ ಸಲೀಂ, ಸಮಿತಿಯ ಮುಖಂಡರಾದ ಮಾನಪ್ಪ ಬಿಜಾಸಪುರ, ಮಾಳಪ್ಪ ಕಿರದಳ್ಳಿ, ರಾಹುಲ್ ಹುಲಿಮನಿ, ವೈಜನಾಥ ಹೊಸಮನಿ, ಚೆನ್ನಪ್ಪ ದೇವಾಪುರ, ರಮೇಶ ಬಾಚಿಮಟ್ಟಿ, ಶಿವಶಂಕರ ಬೊಮ್ಮನಹಳ್ಳಿ, ಮುತ್ತು ಕಟ್ಟಿಮನಿ, ಶರಣು ಹಸನಾಪುರ, ರಾಜು ಬಡಿಗೇರ, ಶೇಖರ ಮಂಗಳೂರು, ತಿಪ್ಪಣ್ಣ ಶೆಳ್ಳಗಿ, ಮಲ್ಲು ಮುಷ್ಠಹಳ್ಳಿ, ನಿಂಗಣ್ಣ ಶೆಳ್ಳಗಿ ಂ ಭಾಗವಹಿಸಿದ್ದರು.

ನಿಧನ ವಾರ್ತೆ
ಸಾವಿತ್ರಿ ಸೋಮನಾಥ ನುಚ್ಚಾ ನಿಧನ
ಪ್ರಮಥವಾಣಿ.ಕಾಂ

ಭಾಲ್ಕಿ: ಪಟ್ಟಣದ ನಿವಾಸಿ ಶಿಕ್ಷಕಿ ಸಾವಿತ್ರಿ ಸೋಮನಾಥ್ ನುಚ್ಚಾ (58), ಮಂಗಳವಾರ ನಿಧನರಾಗಿದ್ದಾರೆ.

ಮೃತರು ಪತಿ ನಿವೃತ ಪ್ರಾಂಶುಪಾಲ ಸೋಮನಾಥ ನುಚ್ಚಾ ಸೇರಿದಂತೆ ಇಬ್ಬರು ಪುತ್ರರು ಓರ್ವ ಪುತ್ರಿ ಸೇರಿದಂತೆ ಅಪಾರ ಬಂಧು ಬಳಗ ಅಗಲಿದ್ದಾರೆ. ಮೃತರ ಅಂತ್ಯಕ್ರಿಯೆ ಲೆಕ್ಚರ್ ಕಾಲೊನಿ ಯಿಂದ ತಳವಾಡ ಗೆ ಹೋಗುವ ರಸ್ತೆ ಹತ್ತಿರದ ಅವರ ಸ್ವಂತ ಹೊಲದಲ್ಲಿ ಬುಧವಾರ ಅಕ್ಟೋಬರ್ 29 ರಂದು ಮುಂಜಾನೆ 11 ಗಂಟೆಗೆ ನಡೆಯಲಿದೆ ಎಂದು ಕುಟುಂಬದ ಮೂಲಗಳು ತಿಳಿಸಿವೆ. ಮೃತರ ನಿಧನಕ್ಕೆ ಹಿರೇಮಠದ ಪೂಜ್ಯರಾದ ನಾಡೋಜ ಬಸವಲಿಂಗ ಪಟ್ಟದೇವರು, ಶ್ರೀ ಗುರುಬಸವ ಪಟ್ಟದೇವರು, ಸಾಹಿತಿ ವೀರಶೆಟ್ಟಿ ಬಾವಗೆ, ರಾಜಕುಮಾರ್ ಬಿ. ಪಾಟೀಲ್, ಸಂತಾಪ ಸೂಚಿಸಿದ್ದಾರೆ.

ಬೇಕಾಗಿದ್ದಾರೆ
ಪ್ರಮಥ ವಾಣಿ ಕನ್ನಡ ದಿನಪತ್ರಿಕೆಗೆ
ವರದಿಗಾರರು ಬೇಕಾಗಿದ್ದಾರೆ. ಅರ್ಹ
ಆಸಕ್ತರು ಕೂಡಲೇ ಸಂಪರ್ಕಿಸಿರಿ.
7975958896
pramathvani@gmail.com
